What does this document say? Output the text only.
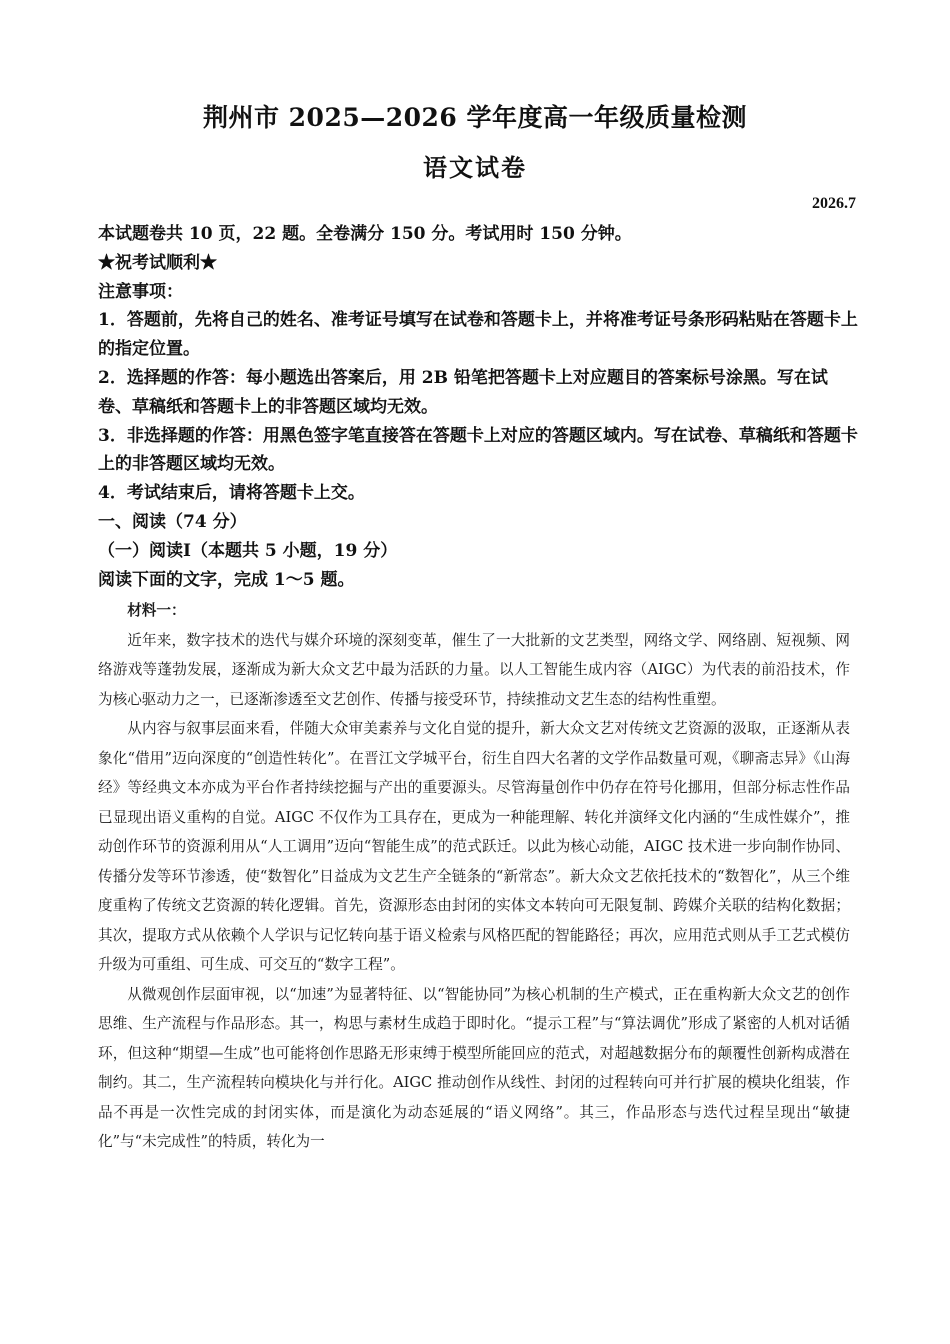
荆州市 2025—2026 学年度高一年级质量检测
语文试卷
2026.7

本试题卷共 10 页，22 题。全卷满分 150 分。考试用时 150 分钟。

★祝考试顺利★

注意事项：

1．答题前，先将自己的姓名、准考证号填写在试卷和答题卡上，并将准考证号条形码粘贴在答题卡上的指定位置。

2．选择题的作答：每小题选出答案后，用 2B 铅笔把答题卡上对应题目的答案标号涂黑。写在试卷、草稿纸和答题卡上的非答题区域均无效。

3．非选择题的作答：用黑色签字笔直接答在答题卡上对应的答题区域内。写在试卷、草稿纸和答题卡上的非答题区域均无效。

4．考试结束后，请将答题卡上交。

一、阅读（74 分）

（一）阅读Ⅰ（本题共 5 小题，19 分）

阅读下面的文字，完成 1～5 题。

材料一：

近年来，数字技术的迭代与媒介环境的深刻变革，催生了一大批新的文艺类型，网络文学、网络剧、短视频、网络游戏等蓬勃发展，逐渐成为新大众文艺中最为活跃的力量。以人工智能生成内容（AIGC）为代表的前沿技术，作为核心驱动力之一，已逐渐渗透至文艺创作、传播与接受环节，持续推动文艺生态的结构性重塑。

从内容与叙事层面来看，伴随大众审美素养与文化自觉的提升，新大众文艺对传统文艺资源的汲取，正逐渐从表象化“借用”迈向深度的“创造性转化”。在晋江文学城平台，衍生自四大名著的文学作品数量可观，《聊斋志异》《山海经》等经典文本亦成为平台作者持续挖掘与产出的重要源头。尽管海量创作中仍存在符号化挪用，但部分标志性作品已显现出语义重构的自觉。AIGC 不仅作为工具存在，更成为一种能理解、转化并演绎文化内涵的“生成性媒介”，推动创作环节的资源利用从“人工调用”迈向“智能生成”的范式跃迁。以此为核心动能，AIGC 技术进一步向制作协同、传播分发等环节渗透，使“数智化”日益成为文艺生产全链条的“新常态”。新大众文艺依托技术的“数智化”，从三个维度重构了传统文艺资源的转化逻辑。首先，资源形态由封闭的实体文本转向可无限复制、跨媒介关联的结构化数据；其次，提取方式从依赖个人学识与记忆转向基于语义检索与风格匹配的智能路径；再次，应用范式则从手工艺式模仿升级为可重组、可生成、可交互的“数字工程”。

从微观创作层面审视，以“加速”为显著特征、以“智能协同”为核心机制的生产模式，正在重构新大众文艺的创作思维、生产流程与作品形态。其一，构思与素材生成趋于即时化。“提示工程”与“算法调优”形成了紧密的人机对话循环，但这种“期望—生成”也可能将创作思路无形束缚于模型所能回应的范式，对超越数据分布的颠覆性创新构成潜在制约。其二，生产流程转向模块化与并行化。AIGC 推动创作从线性、封闭的过程转向可并行扩展的模块化组装，作品不再是一次性完成的封闭实体，而是演化为动态延展的“语义网络”。其三，作品形态与迭代过程呈现出“敏捷化”与“未完成性”的特质，转化为一
